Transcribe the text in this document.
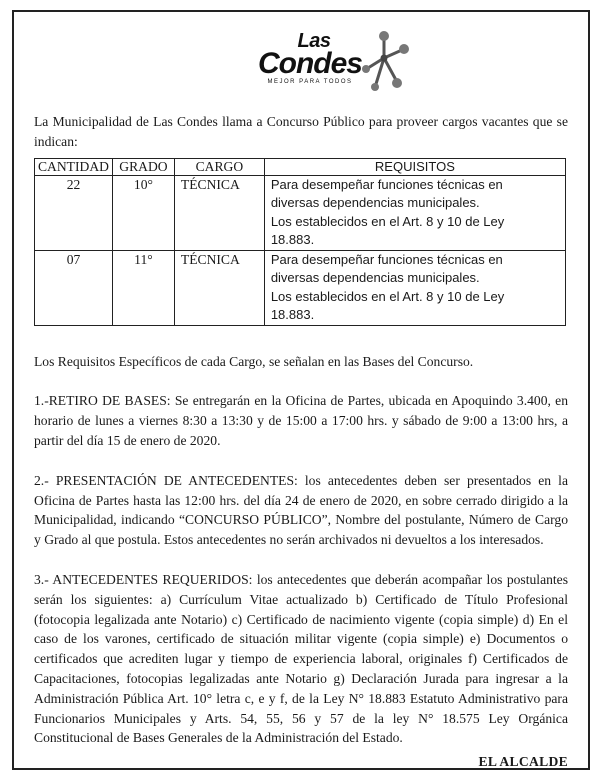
Las
Condes
MEJOR PARA TODOS

La Municipalidad de Las Condes llama a Concurso Público para proveer cargos vacantes que se indican:

CANTIDAD	GRADO	CARGO	REQUISITOS
22	10°	TÉCNICA	Para desempeñar funciones técnicas en
diversas dependencias municipales.
Los establecidos en el Art. 8 y 10 de Ley
18.883.

07	11°	TÉCNICA	Para desempeñar funciones técnicas en
diversas dependencias municipales.
Los establecidos en el Art. 8 y 10 de Ley
18.883.

Los Requisitos Específicos de cada Cargo, se señalan en las Bases del Concurso.

1.-RETIRO DE BASES: Se entregarán en la Oficina de Partes, ubicada en Apoquindo 3.400, en horario de lunes a viernes 8:30 a 13:30 y de 15:00 a 17:00 hrs. y sábado de 9:00 a 13:00 hrs, a partir del día 15 de enero de 2020.

2.- PRESENTACIÓN DE ANTECEDENTES: los antecedentes deben ser presentados en la Oficina de Partes hasta las 12:00 hrs. del día 24 de enero de 2020, en sobre cerrado dirigido a la Municipalidad, indicando “CONCURSO PÚBLICO”, Nombre del postulante, Número de Cargo y Grado al que postula. Estos antecedentes no serán archivados ni devueltos a los interesados.

3.- ANTECEDENTES REQUERIDOS: los antecedentes que deberán acompañar los postulantes serán los siguientes: a) Currículum Vitae actualizado b) Certificado de Título Profesional (fotocopia legalizada ante Notario) c) Certificado de nacimiento vigente (copia simple) d) En el caso de los varones, certificado de situación militar vigente (copia simple) e) Documentos o certificados que acrediten lugar y tiempo de experiencia laboral, originales f) Certificados de Capacitaciones, fotocopias legalizadas ante Notario g) Declaración Jurada para ingresar a la Administración Pública Art. 10° letra c, e y f, de la Ley N° 18.883 Estatuto Administrativo para Funcionarios Municipales y Arts. 54, 55, 56 y 57 de la ley N° 18.575 Ley Orgánica Constitucional de Bases Generales de la Administración del Estado.

EL ALCALDE
